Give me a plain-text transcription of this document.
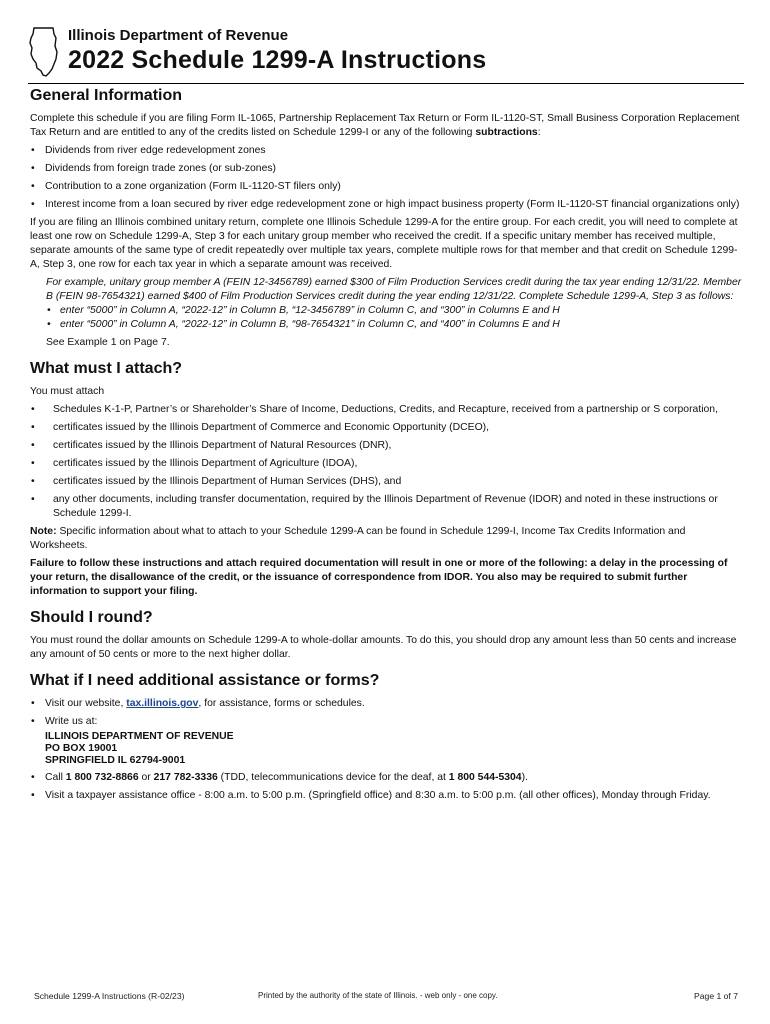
Illinois Department of Revenue
2022 Schedule 1299-A Instructions
General Information

Complete this schedule if you are filing Form IL-1065, Partnership Replacement Tax Return or Form IL-1120-ST, Small Business Corporation Replacement Tax Return and are entitled to any of the credits listed on Schedule 1299-I or any of the following subtractions:

• Dividends from river edge redevelopment zones
• Dividends from foreign trade zones (or sub-zones)
• Contribution to a zone organization (Form IL-1120-ST filers only)
• Interest income from a loan secured by river edge redevelopment zone or high impact business property (Form IL-1120-ST financial organizations only)

If you are filing an Illinois combined unitary return, complete one Illinois Schedule 1299-A for the entire group. For each credit, you will need to complete at least one row on Schedule 1299-A, Step 3 for each unitary group member who received the credit. If a specific unitary member has received multiple, separate amounts of the same type of credit repeatedly over multiple tax years, complete multiple rows for that member and that credit on Schedule 1299-A, Step 3, one row for each tax year in which a separate amount was received.

For example, unitary group member A (FEIN 12-3456789) earned $300 of Film Production Services credit during the tax year ending 12/31/22. Member B (FEIN 98-7654321) earned $400 of Film Production Services credit during the year ending 12/31/22. Complete Schedule 1299-A, Step 3 as follows:
• enter “5000” in Column A, “2022-12” in Column B, “12-3456789” in Column C, and “300” in Columns E and H
• enter “5000” in Column A, “2022-12” in Column B, “98-7654321” in Column C, and “400” in Columns E and H
See Example 1 on Page 7.
What must I attach?

You must attach

• Schedules K-1-P, Partner’s or Shareholder’s Share of Income, Deductions, Credits, and Recapture, received from a partnership or S corporation,
• certificates issued by the Illinois Department of Commerce and Economic Opportunity (DCEO),
• certificates issued by the Illinois Department of Natural Resources (DNR),
• certificates issued by the Illinois Department of Agriculture (IDOA),
• certificates issued by the Illinois Department of Human Services (DHS), and
• any other documents, including transfer documentation, required by the Illinois Department of Revenue (IDOR) and noted in these instructions or Schedule 1299-I.

Note: Specific information about what to attach to your Schedule 1299-A can be found in Schedule 1299-I, Income Tax Credits Information and Worksheets.

Failure to follow these instructions and attach required documentation will result in one or more of the following: a delay in the processing of your return, the disallowance of the credit, or the issuance of correspondence from IDOR. You also may be required to submit further information to support your filing.

Should I round?

You must round the dollar amounts on Schedule 1299-A to whole-dollar amounts. To do this, you should drop any amount less than 50 cents and increase any amount of 50 cents or more to the next higher dollar.

What if I need additional assistance or forms?
• Visit our website, tax.illinois.gov, for assistance, forms or schedules.
• Write us at:
ILLINOIS DEPARTMENT OF REVENUE
PO BOX 19001
SPRINGFIELD IL 62794-9001
• Call 1 800 732-8866 or 217 782-3336 (TDD, telecommunications device for the deaf, at 1 800 544-5304).
• Visit a taxpayer assistance office - 8:00 a.m. to 5:00 p.m. (Springfield office) and 8:30 a.m. to 5:00 p.m. (all other offices), Monday through Friday.
Schedule 1299-A Instructions (R-02/23)	Printed by the authority of the state of Illinois. - web only - one copy.	Page 1 of 7
